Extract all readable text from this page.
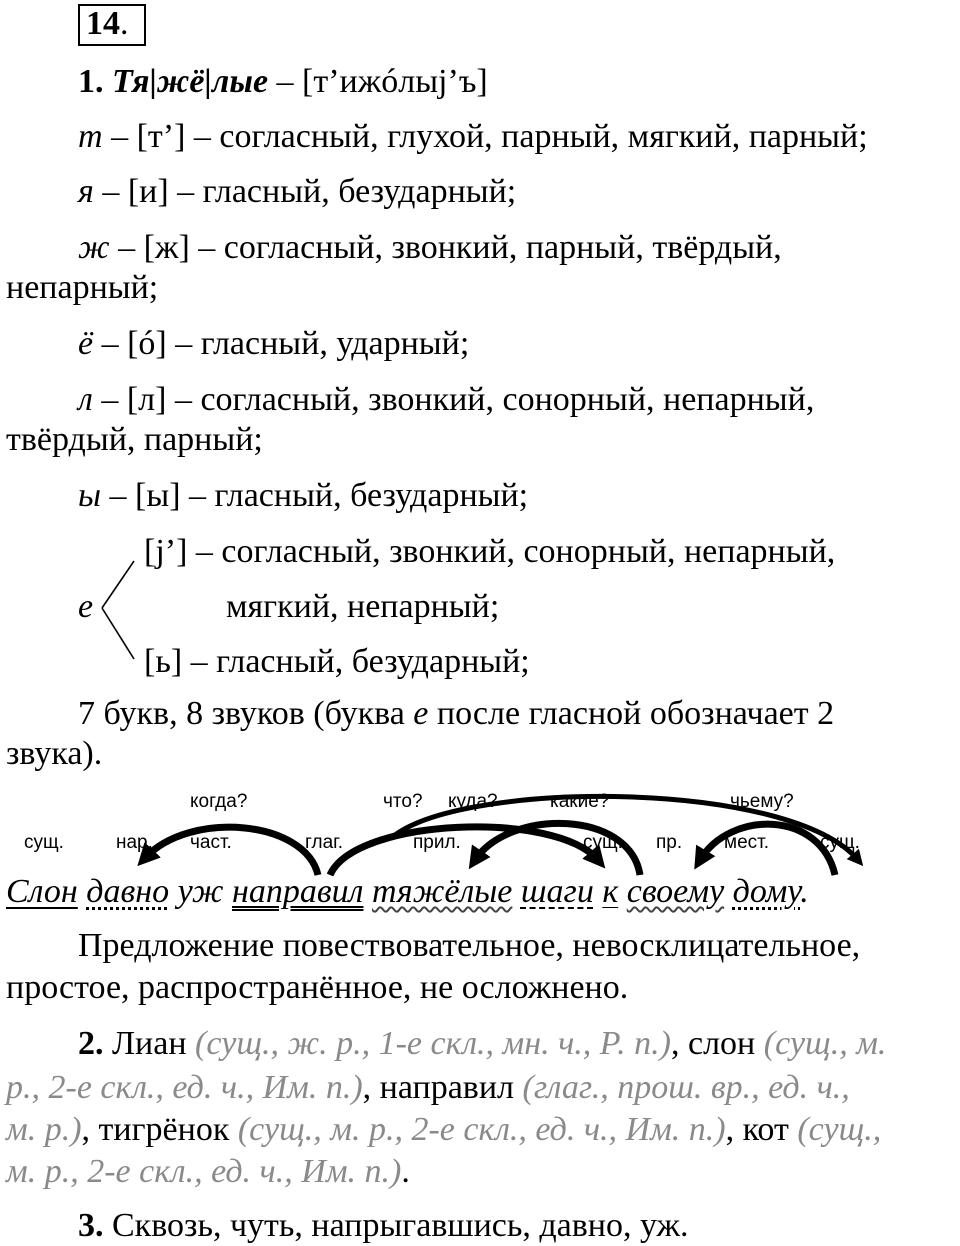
14.
1. Тя|жё|лые – [т’ижóлыj’ъ]
т – [т’] – согласный, глухой, парный, мягкий, парный;
я – [и] – гласный, безударный;
ж – [ж] – согласный, звонкий, парный, твёрдый,
непарный;
ё – [ó] – гласный, ударный;
л – [л] – согласный, звонкий, сонорный, непарный,
твёрдый, парный;
ы – [ы] – гласный, безударный;
е
[j’] – согласный, звонкий, сонорный, непарный,
мягкий, непарный;
[ь] – гласный, безударный;
7 букв, 8 звуков (буква е после гласной обозначает 2
звука).
когда?	что? куда?	какие?	чьему?
сущ.	нар. част.	глаг.	прил.	сущ. пр. мест.	сущ.
Слон давно уж направил тяжёлые шаги к своему дому.
Предложение повествовательное, невосклицательное,
простое, распространённое, не осложнено.
2. Лиан (сущ., ж. р., 1-е скл., мн. ч., Р. п.), слон (сущ., м.
р., 2-е скл., ед. ч., Им. п.), направил (глаг., прош. вр., ед. ч.,
м. р.), тигрёнок (сущ., м. р., 2-е скл., ед. ч., Им. п.), кот (сущ.,
м. р., 2-е скл., ед. ч., Им. п.).
3. Сквозь, чуть, напрыгавшись, давно, уж.
